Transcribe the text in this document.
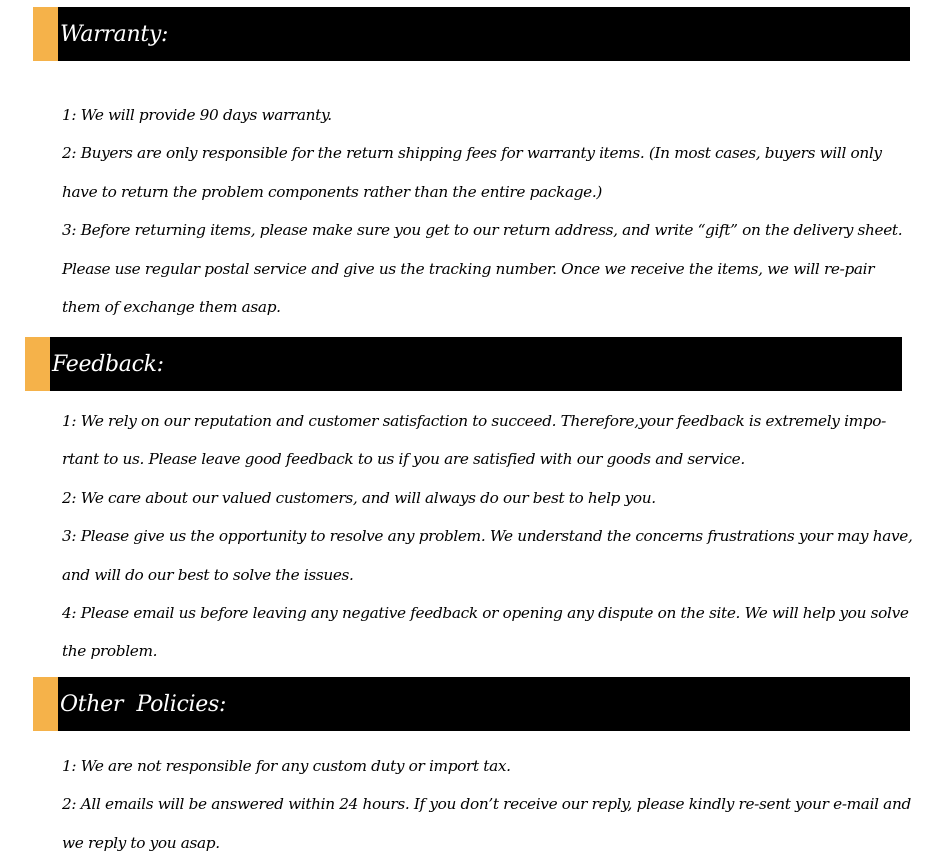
Warranty:

1: We will provide 90 days warranty.

2: Buyers are only responsible for the return shipping fees for warranty items. (In most cases, buyers will only have to return the problem components rather than the entire package.)

3: Before returning items, please make sure you get to our return address, and write “gift” on the delivery sheet. Please use regular postal service and give us the tracking number. Once we receive the items, we will re-pair them of exchange them asap.

Feedback:

1: We rely on our reputation and customer satisfaction to succeed. Therefore,your feedback is extremely impo-rtant to us. Please leave good feedback to us if you are satisfied with our goods and service.

2: We care about our valued customers, and will always do our best to help you.

3: Please give us the opportunity to resolve any problem. We understand the concerns frustrations your may have, and will do our best to solve the issues.

4: Please email us before leaving any negative feedback or opening any dispute on the site. We will help you solve the problem.

Other  Policies:

1: We are not responsible for any custom duty or import tax.

2: All emails will be answered within 24 hours. If you don’t receive our reply, please kindly re-sent your e-mail and we reply to you asap.
